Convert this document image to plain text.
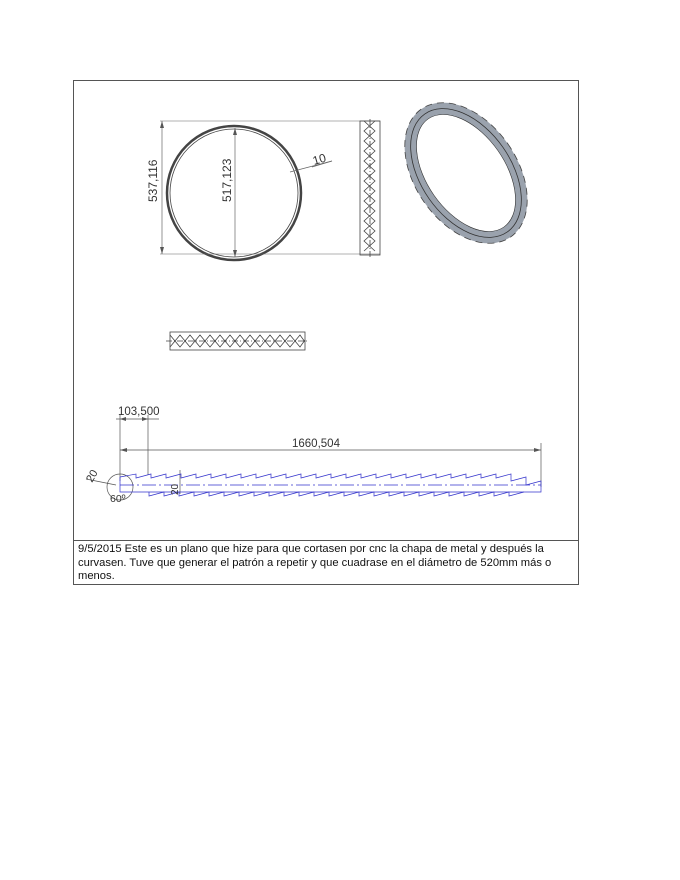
537,116	517,123	10
103,500
1660,504
20
20
60º
9/5/2015 Este es un plano que hize para que cortasen por cnc la chapa de metal y después la curvasen. Tuve que generar el patrón a repetir y que cuadrase en el diámetro de 520mm más o menos.
